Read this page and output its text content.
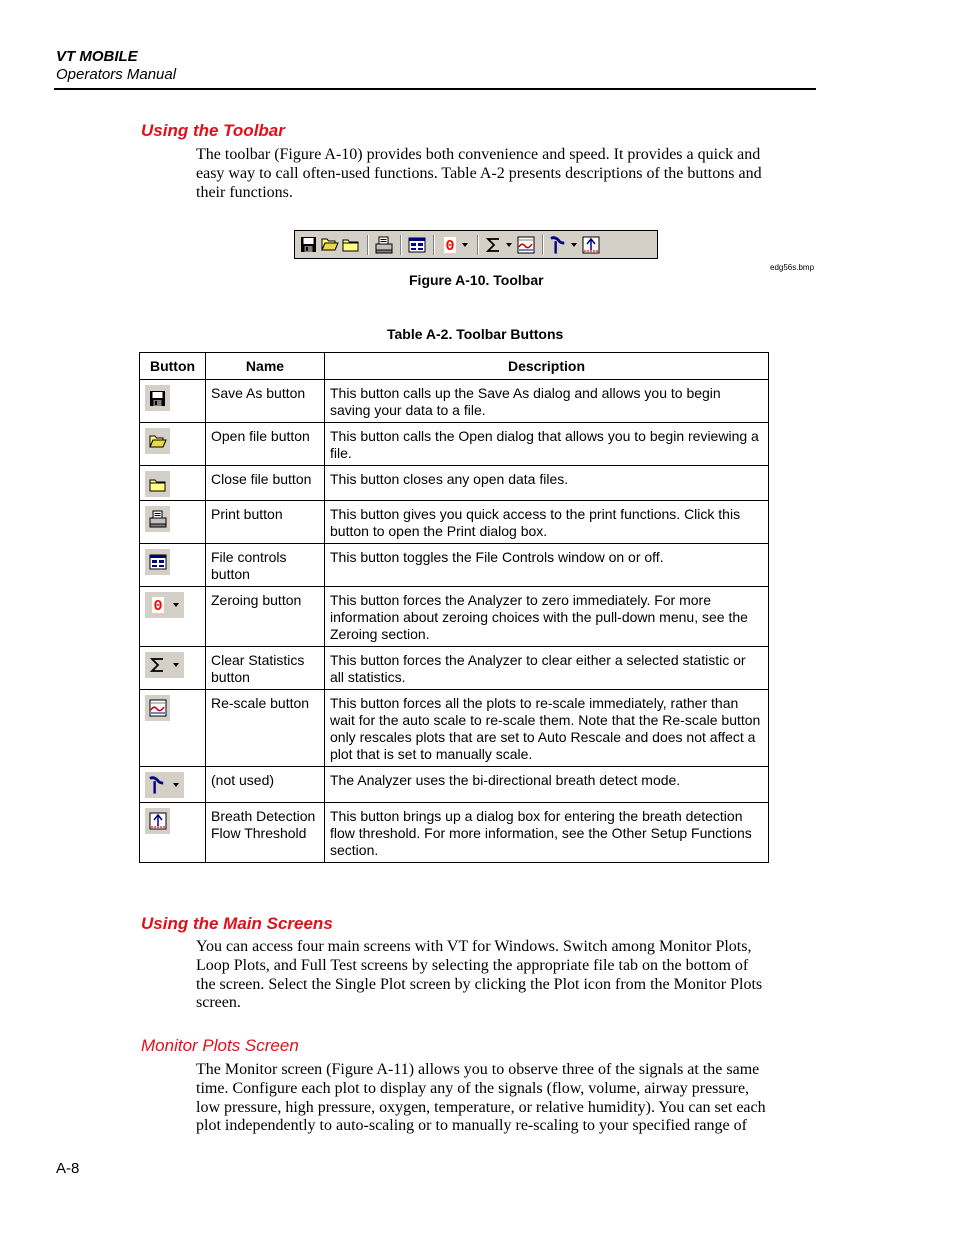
VT MOBILE
Operators Manual
Using the Toolbar
The toolbar (Figure A-10) provides both convenience and speed. It provides a quick and
easy way to call often-used functions. Table A-2 presents descriptions of the buttons and
their functions.
0
edg56s.bmp
Figure A-10. Toolbar
Table A-2. Toolbar Buttons
Button	Name	Description

	Save As button	This button calls up the Save As dialog and allows you to begin saving your data to a file.

	Open file button	This button calls the Open dialog that allows you to begin reviewing a file.

	Close file button	This button closes any open data files.

	Print button	This button gives you quick access to the print functions. Click this button to open the Print dialog box.

	File controls button	This button toggles the File Controls window on or off.

0	Zeroing button	This button forces the Analyzer to zero immediately. For more information about zeroing choices with the pull-down menu, see the Zeroing section.

	Clear Statistics button	This button forces the Analyzer to clear either a selected statistic or all statistics.

	Re-scale button	This button forces all the plots to re-scale immediately, rather than wait for the auto scale to re-scale them. Note that the Re-scale button only rescales plots that are set to Auto Rescale and does not affect a plot that is set to manually scale.

	(not used)	The Analyzer uses the bi-directional breath detect mode.

	Breath Detection Flow Threshold	This button brings up a dialog box for entering the breath detection flow threshold. For more information, see the Other Setup Functions section.
Using the Main Screens
You can access four main screens with VT for Windows. Switch among Monitor Plots,
Loop Plots, and Full Test screens by selecting the appropriate file tab on the bottom of
the screen. Select the Single Plot screen by clicking the Plot icon from the Monitor Plots
screen.
Monitor Plots Screen
The Monitor screen (Figure A-11) allows you to observe three of the signals at the same
time. Configure each plot to display any of the signals (flow, volume, airway pressure,
low pressure, high pressure, oxygen, temperature, or relative humidity). You can set each
plot independently to auto-scaling or to manually re-scaling to your specified range of
A-8
